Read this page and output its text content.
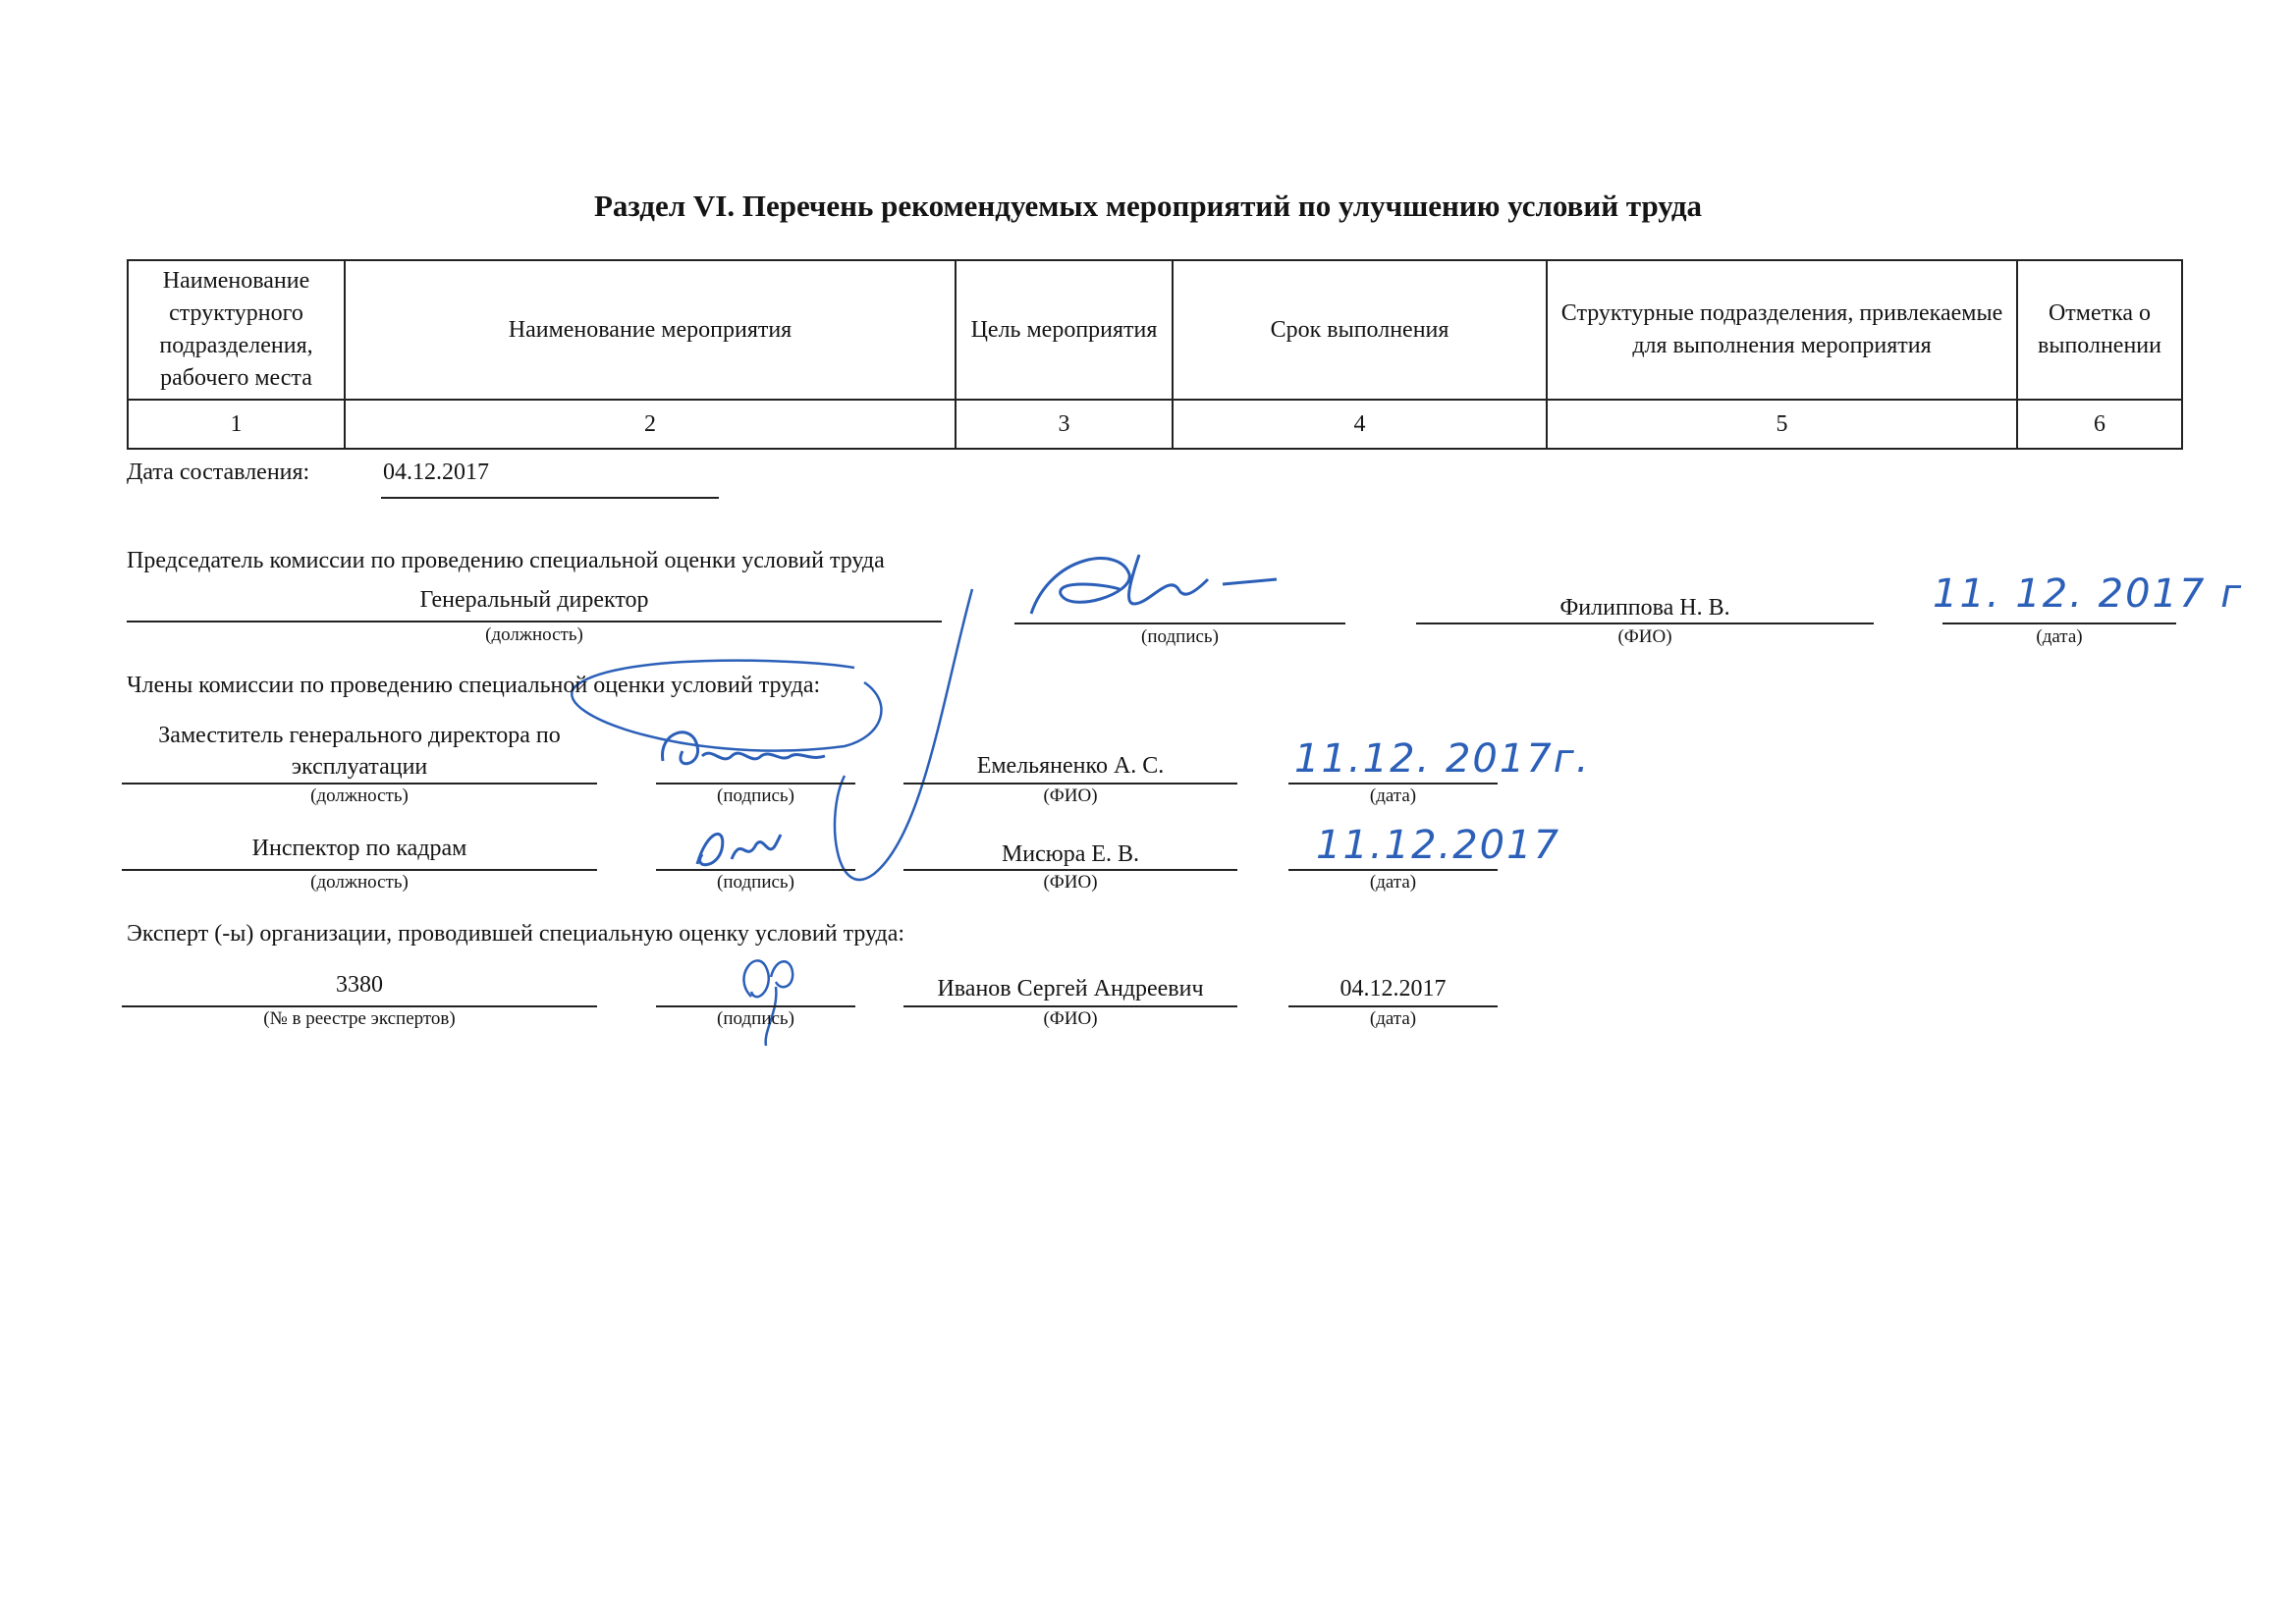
Раздел VI. Перечень рекомендуемых мероприятий по улучшению условий труда
Наименование структурного подразделения, рабочего места	Наименование мероприятия	Цель мероприятия	Срок выполнения	Структурные подразделения, привлекаемые для выполнения мероприятия	Отметка о выполнении
1	2	3	4	5	6
Дата составления:	04.12.2017
Председатель комиссии по проведению специальной оценки условий труда
Генеральный директор
(должность)	(подпись)
Филиппова Н. В.
(ФИО)
11. 12. 2017 г
(дата)
Члены комиссии по проведению специальной оценки условий труда:
Заместитель генерального директора по эксплуатации
(должность)	(подпись)
Емельяненко А. С.
(ФИО)
11.12. 2017г.
(дата)
Инспектор по кадрам
(должность)	(подпись)
Мисюра Е. В.
(ФИО)
11.12.2017
(дата)
Эксперт (-ы) организации, проводившей специальную оценку условий труда:
3380
(№ в реестре экспертов)	(подпись)
Иванов Сергей Андреевич
(ФИО)
04.12.2017
(дата)
